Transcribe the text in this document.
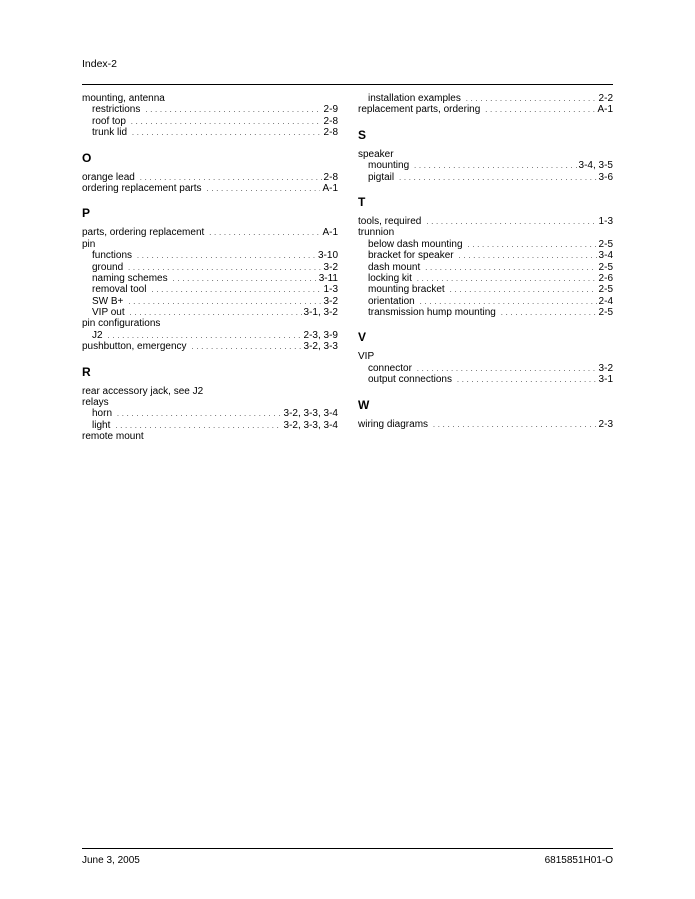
Index-2
mounting, antenna
restrictions . . .	2-9
roof top . . .	2-8
trunk lid . . .	2-8
O
orange lead . . .	2-8
ordering replacement parts . . .	A-1
P
parts, ordering replacement . . .	A-1
pin
functions . . .	3-10
ground . . .	3-2
naming schemes . . .	3-11
removal tool . . .	1-3
SW B+ . . .	3-2
VIP out . . .	3-1, 3-2
pin configurations
J2 . . .	2-3, 3-9
pushbutton, emergency . . .	3-2, 3-3
R
rear accessory jack, see J2
relays
horn . . .	3-2, 3-3, 3-4
light . . .	3-2, 3-3, 3-4
remote mount
installation examples . . .	2-2
replacement parts, ordering . . .	A-1
S
speaker
mounting . . .	3-4, 3-5
pigtail . . .	3-6
T
tools, required . . .	1-3
trunnion
below dash mounting . . .	2-5
bracket for speaker . . .	3-4
dash mount . . .	2-5
locking kit . . .	2-6
mounting bracket . . .	2-5
orientation . . .	2-4
transmission hump mounting . . .	2-5
V
VIP
connector . . .	3-2
output connections . . .	3-1
W
wiring diagrams . . .	2-3
June 3, 2005	6815851H01-O
